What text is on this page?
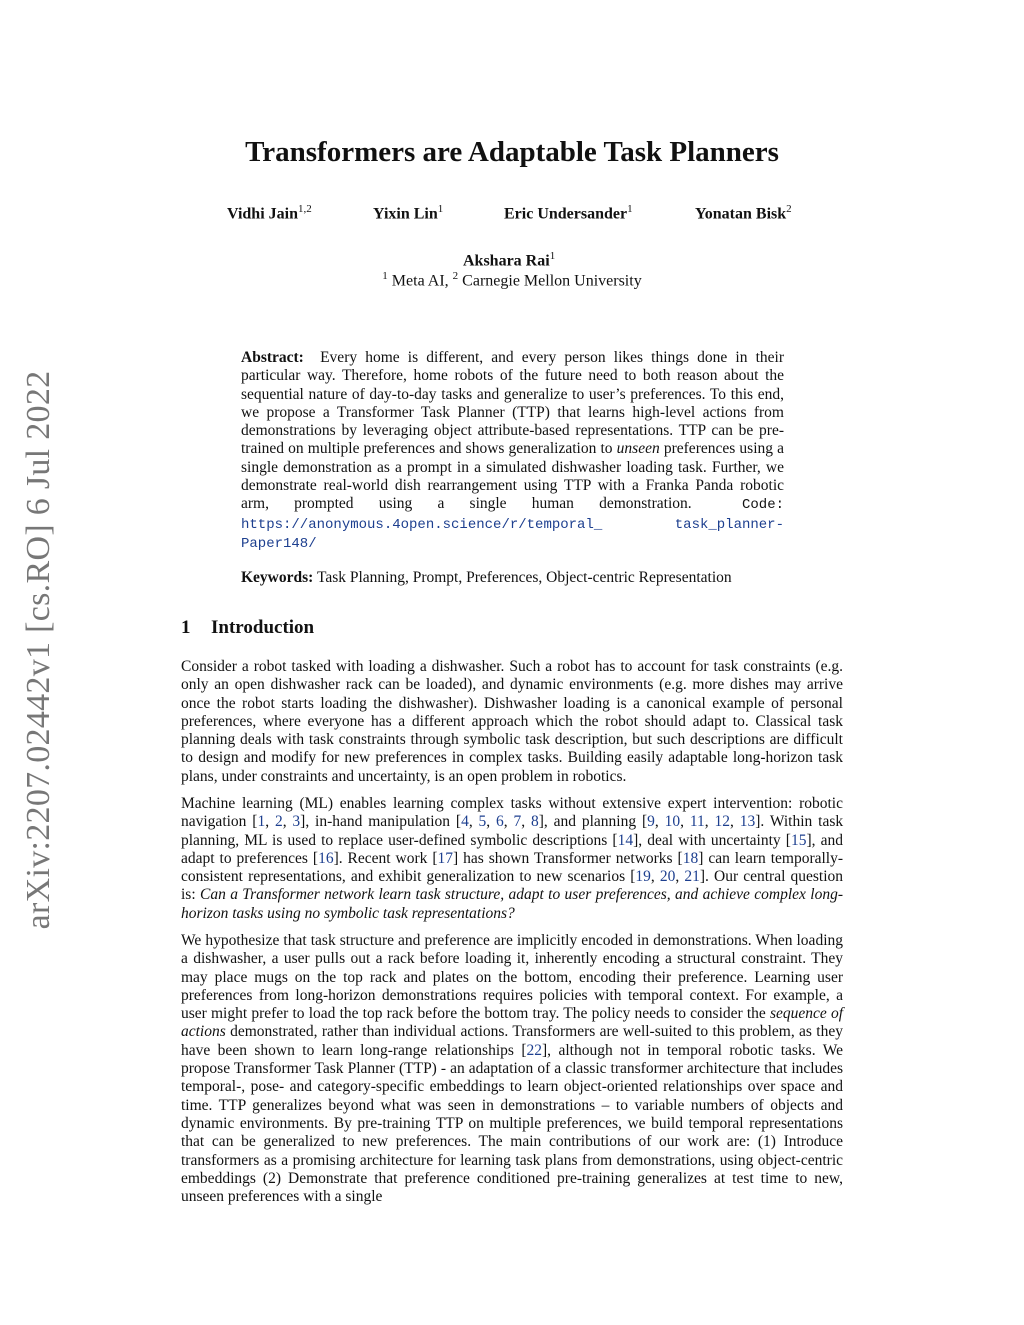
arXiv:2207.02442v1 [cs.RO] 6 Jul 2022
Transformers are Adaptable Task Planners
Vidhi Jain$^{1,2}$	Yixin Lin$^1$	Eric Undersander$^1$	Yonatan Bisk$^2$
Akshara Rai$^1$
$^1$ Meta AI, $^2$ Carnegie Mellon University
Abstract: Every home is different, and every person likes things done in their particular way. Therefore, home robots of the future need to both reason about the sequential nature of day-to-day tasks and generalize to user’s preferences. To this end, we propose a Transformer Task Planner (TTP) that learns high-level actions from demonstrations by leveraging object attribute-based representations. TTP can be pre-trained on multiple preferences and shows generalization to unseen preferences using a single demonstration as a prompt in a simulated dishwasher loading task. Further, we demonstrate real-world dish rearrangement using TTP with a Franka Panda robotic arm, prompted using a single human demonstration.	Code: https://anonymous.4open.science/r/temporal_ task_planner-Paper148/
Keywords: Task Planning, Prompt, Preferences, Object-centric Representation
1 Introduction
Consider a robot tasked with loading a dishwasher. Such a robot has to account for task constraints (e.g. only an open dishwasher rack can be loaded), and dynamic environments (e.g. more dishes may arrive once the robot starts loading the dishwasher). Dishwasher loading is a canonical example of personal preferences, where everyone has a different approach which the robot should adapt to. Classical task planning deals with task constraints through symbolic task description, but such descriptions are difficult to design and modify for new preferences in complex tasks. Building easily adaptable long-horizon task plans, under constraints and uncertainty, is an open problem in robotics.
Machine learning (ML) enables learning complex tasks without extensive expert intervention: robotic navigation [1, 2, 3], in-hand manipulation [4, 5, 6, 7, 8], and planning [9, 10, 11, 12, 13]. Within task planning, ML is used to replace user-defined symbolic descriptions [14], deal with uncertainty [15], and adapt to preferences [16]. Recent work [17] has shown Transformer networks [18] can learn temporally-consistent representations, and exhibit generalization to new scenarios [19, 20, 21]. Our central question is: Can a Transformer network learn task structure, adapt to user preferences, and achieve complex long-horizon tasks using no symbolic task representations?
We hypothesize that task structure and preference are implicitly encoded in demonstrations. When loading a dishwasher, a user pulls out a rack before loading it, inherently encoding a structural constraint. They may place mugs on the top rack and plates on the bottom, encoding their preference. Learning user preferences from long-horizon demonstrations requires policies with temporal context. For example, a user might prefer to load the top rack before the bottom tray. The policy needs to consider the sequence of actions demonstrated, rather than individual actions. Transformers are well-suited to this problem, as they have been shown to learn long-range relationships [22], although not in temporal robotic tasks. We propose Transformer Task Planner (TTP) - an adaptation of a classic transformer architecture that includes temporal-, pose- and category-specific embeddings to learn object-oriented relationships over space and time. TTP generalizes beyond what was seen in demonstrations – to variable numbers of objects and dynamic environments. By pre-training TTP on multiple preferences, we build temporal representations that can be generalized to new preferences. The main contributions of our work are: (1) Introduce transformers as a promising architecture for learning task plans from demonstrations, using object-centric embeddings (2) Demonstrate that preference conditioned pre-training generalizes at test time to new, unseen preferences with a single
